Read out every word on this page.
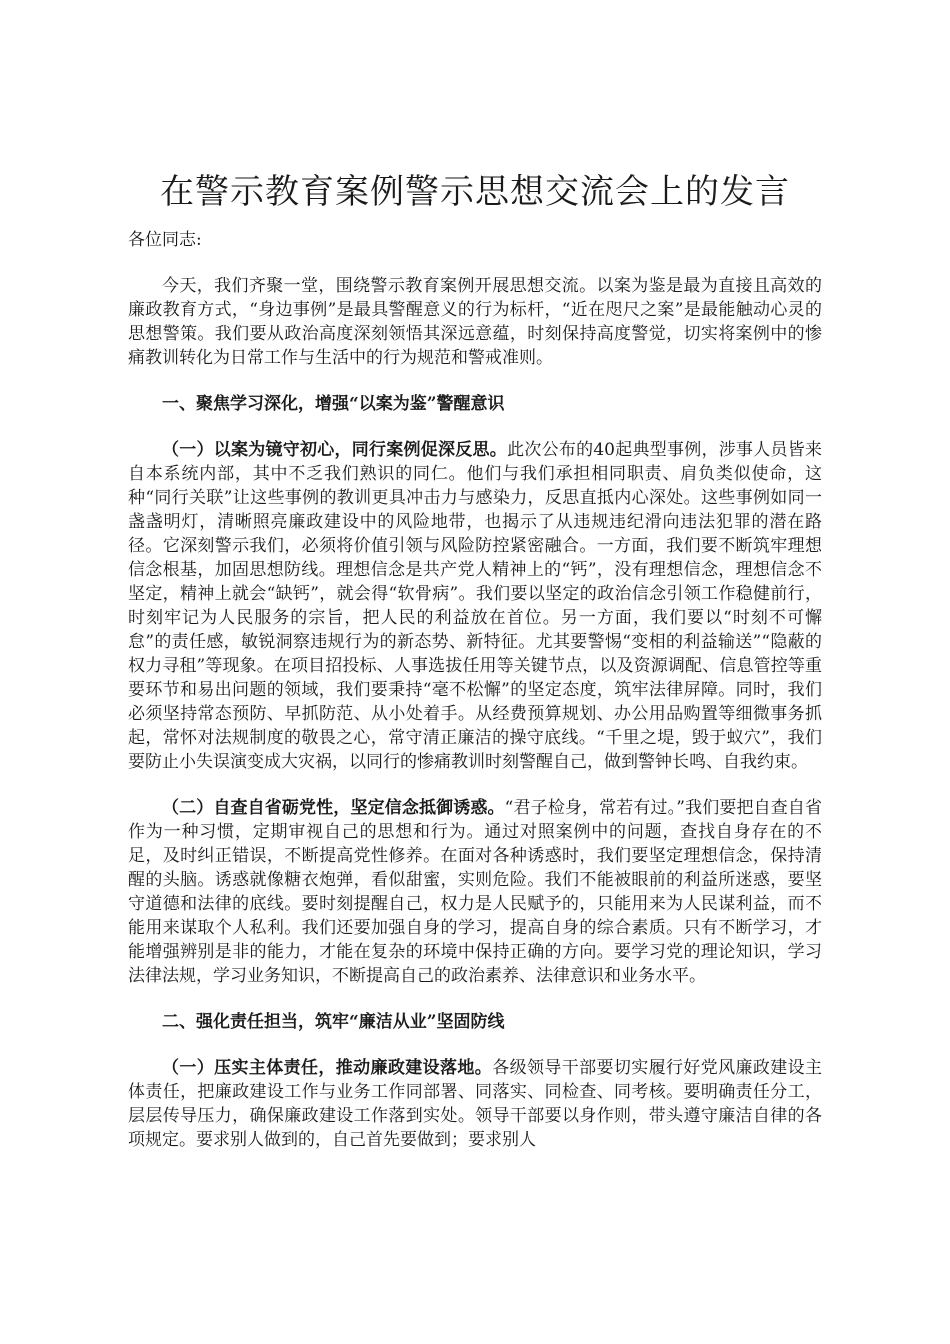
在警示教育案例警示思想交流会上的发言

各位同志:

今天，我们齐聚一堂，围绕警示教育案例开展思想交流。以案为鉴是最为直接且高效的廉政教育方式，“身边事例”是最具警醒意义的行为标杆，“近在咫尺之案”是最能触动心灵的思想警策。我们要从政治高度深刻领悟其深远意蕴，时刻保持高度警觉，切实将案例中的惨痛教训转化为日常工作与生活中的行为规范和警戒准则。

一、聚焦学习深化，增强“以案为鉴”警醒意识

（一）以案为镜守初心，同行案例促深反思。此次公布的40起典型事例，涉事人员皆来自本系统内部，其中不乏我们熟识的同仁。他们与我们承担相同职责、肩负类似使命，这种“同行关联”让这些事例的教训更具冲击力与感染力，反思直抵内心深处。这些事例如同一盏盏明灯，清晰照亮廉政建设中的风险地带，也揭示了从违规违纪滑向违法犯罪的潜在路径。它深刻警示我们，必须将价值引领与风险防控紧密融合。一方面，我们要不断筑牢理想信念根基，加固思想防线。理想信念是共产党人精神上的“钙”，没有理想信念，理想信念不坚定，精神上就会“缺钙”，就会得“软骨病”。我们要以坚定的政治信念引领工作稳健前行，时刻牢记为人民服务的宗旨，把人民的利益放在首位。另一方面，我们要以“时刻不可懈怠”的责任感，敏锐洞察违规行为的新态势、新特征。尤其要警惕“变相的利益输送”“隐蔽的权力寻租”等现象。在项目招投标、人事选拔任用等关键节点，以及资源调配、信息管控等重要环节和易出问题的领域，我们要秉持“毫不松懈”的坚定态度，筑牢法律屏障。同时，我们必须坚持常态预防、早抓防范、从小处着手。从经费预算规划、办公用品购置等细微事务抓起，常怀对法规制度的敬畏之心，常守清正廉洁的操守底线。“千里之堤，毁于蚁穴”，我们要防止小失误演变成大灾祸，以同行的惨痛教训时刻警醒自己，做到警钟长鸣、自我约束。

（二）自查自省砺党性，坚定信念抵御诱惑。“君子检身，常若有过。”我们要把自查自省作为一种习惯，定期审视自己的思想和行为。通过对照案例中的问题，查找自身存在的不足，及时纠正错误，不断提高党性修养。在面对各种诱惑时，我们要坚定理想信念，保持清醒的头脑。诱惑就像糖衣炮弹，看似甜蜜，实则危险。我们不能被眼前的利益所迷惑，要坚守道德和法律的底线。要时刻提醒自己，权力是人民赋予的，只能用来为人民谋利益，而不能用来谋取个人私利。我们还要加强自身的学习，提高自身的综合素质。只有不断学习，才能增强辨别是非的能力，才能在复杂的环境中保持正确的方向。要学习党的理论知识，学习法律法规，学习业务知识，不断提高自己的政治素养、法律意识和业务水平。

二、强化责任担当，筑牢“廉洁从业”坚固防线

（一）压实主体责任，推动廉政建设落地。各级领导干部要切实履行好党风廉政建设主体责任，把廉政建设工作与业务工作同部署、同落实、同检查、同考核。要明确责任分工，层层传导压力，确保廉政建设工作落到实处。领导干部要以身作则，带头遵守廉洁自律的各项规定。要求别人做到的，自己首先要做到；要求别人
